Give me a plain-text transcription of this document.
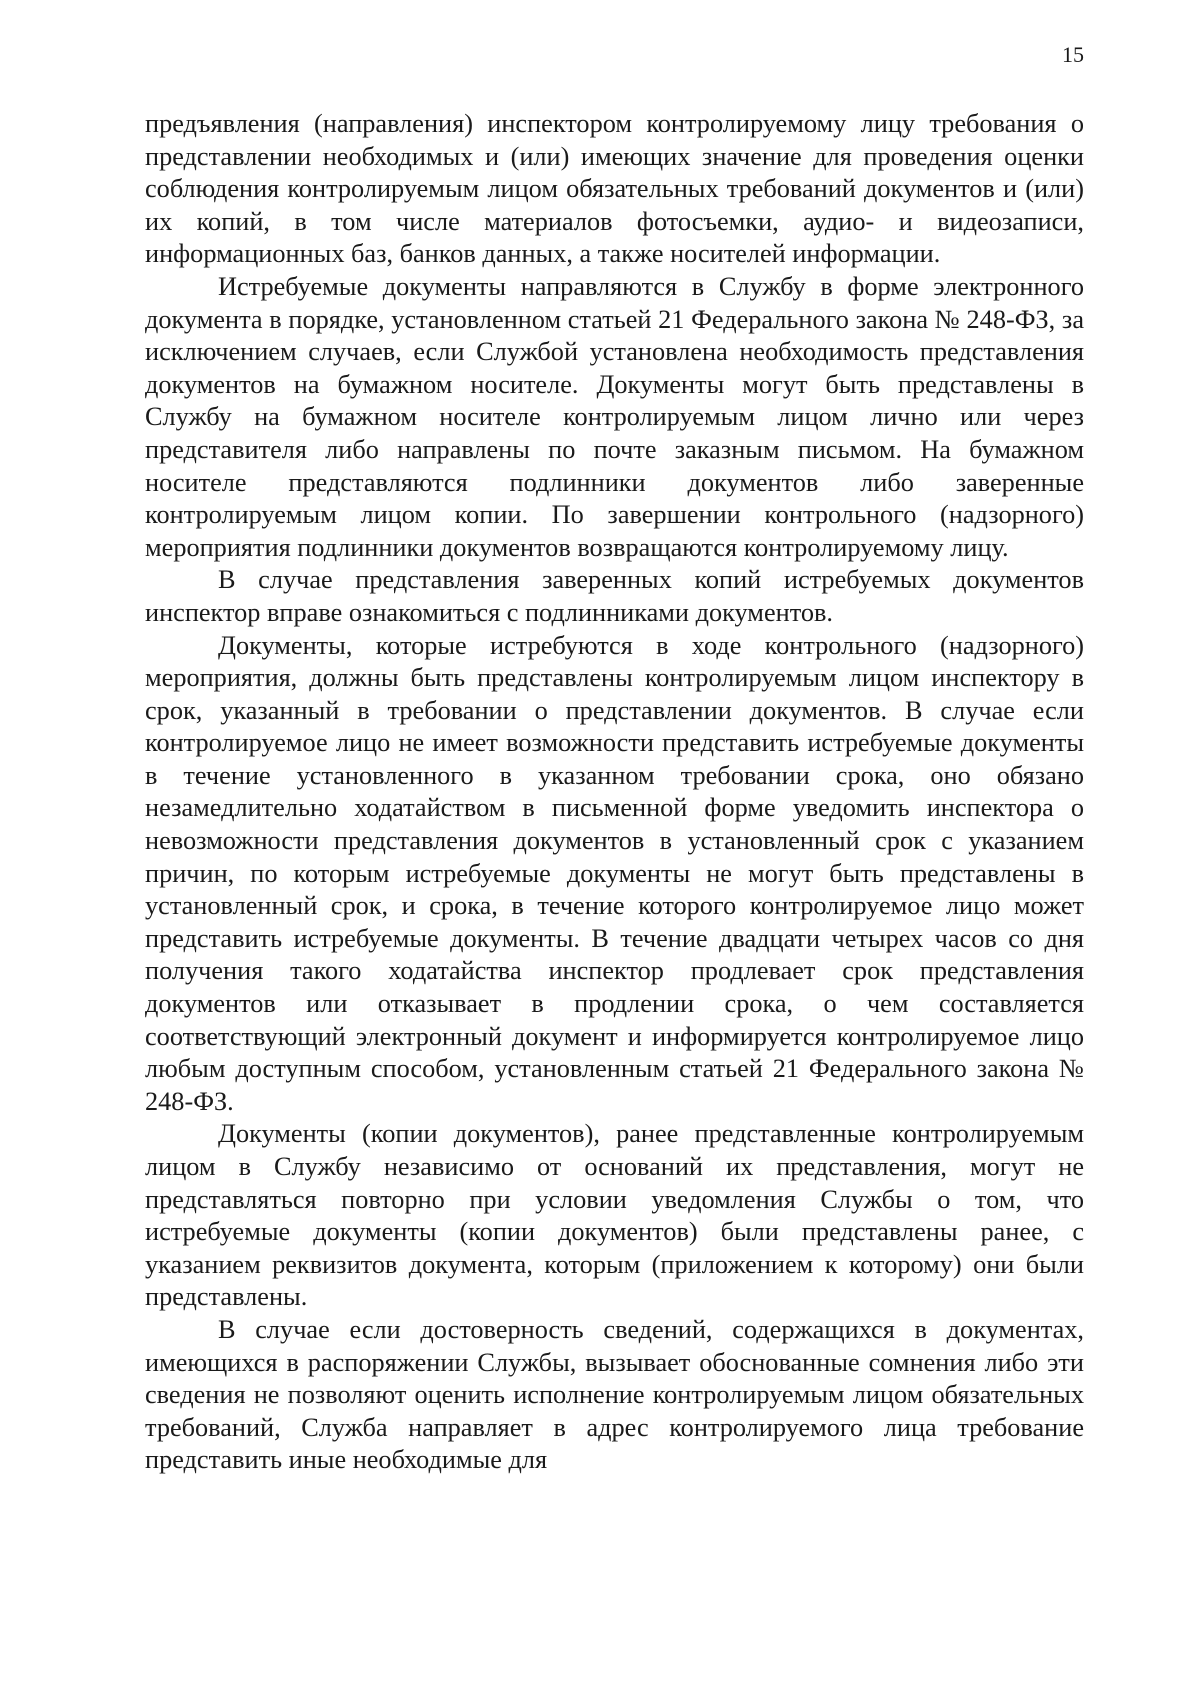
15

предъявления (направления) инспектором контролируемому лицу требования о представлении необходимых и (или) имеющих значение для проведения оценки соблюдения контролируемым лицом обязательных требований документов и (или) их копий, в том числе материалов фотосъемки, аудио- и видеозаписи, информационных баз, банков данных, а также носителей информации.

Истребуемые документы направляются в Службу в форме электронного документа в порядке, установленном статьей 21 Федерального закона № 248-ФЗ, за исключением случаев, если Службой установлена необходимость представления документов на бумажном носителе. Документы могут быть представлены в Службу на бумажном носителе контролируемым лицом лично или через представителя либо направлены по почте заказным письмом. На бумажном носителе представляются подлинники документов либо заверенные контролируемым лицом копии. По завершении контрольного (надзорного) мероприятия подлинники документов возвращаются контролируемому лицу.

В случае представления заверенных копий истребуемых документов инспектор вправе ознакомиться с подлинниками документов.

Документы, которые истребуются в ходе контрольного (надзорного) мероприятия, должны быть представлены контролируемым лицом инспектору в срок, указанный в требовании о представлении документов. В случае если контролируемое лицо не имеет возможности представить истребуемые документы в течение установленного в указанном требовании срока, оно обязано незамедлительно ходатайством в письменной форме уведомить инспектора о невозможности представления документов в установленный срок с указанием причин, по которым истребуемые документы не могут быть представлены в установленный срок, и срока, в течение которого контролируемое лицо может представить истребуемые документы. В течение двадцати четырех часов со дня получения такого ходатайства инспектор продлевает срок представления документов или отказывает в продлении срока, о чем составляется соответствующий электронный документ и информируется контролируемое лицо любым доступным способом, установленным статьей 21 Федерального закона № 248-ФЗ.

Документы (копии документов), ранее представленные контролируемым лицом в Службу независимо от оснований их представления, могут не представляться повторно при условии уведомления Службы о том, что истребуемые документы (копии документов) были представлены ранее, с указанием реквизитов документа, которым (приложением к которому) они были представлены.

В случае если достоверность сведений, содержащихся в документах, имеющихся в распоряжении Службы, вызывает обоснованные сомнения либо эти сведения не позволяют оценить исполнение контролируемым лицом обязательных требований, Служба направляет в адрес контролируемого лица требование представить иные необходимые для
